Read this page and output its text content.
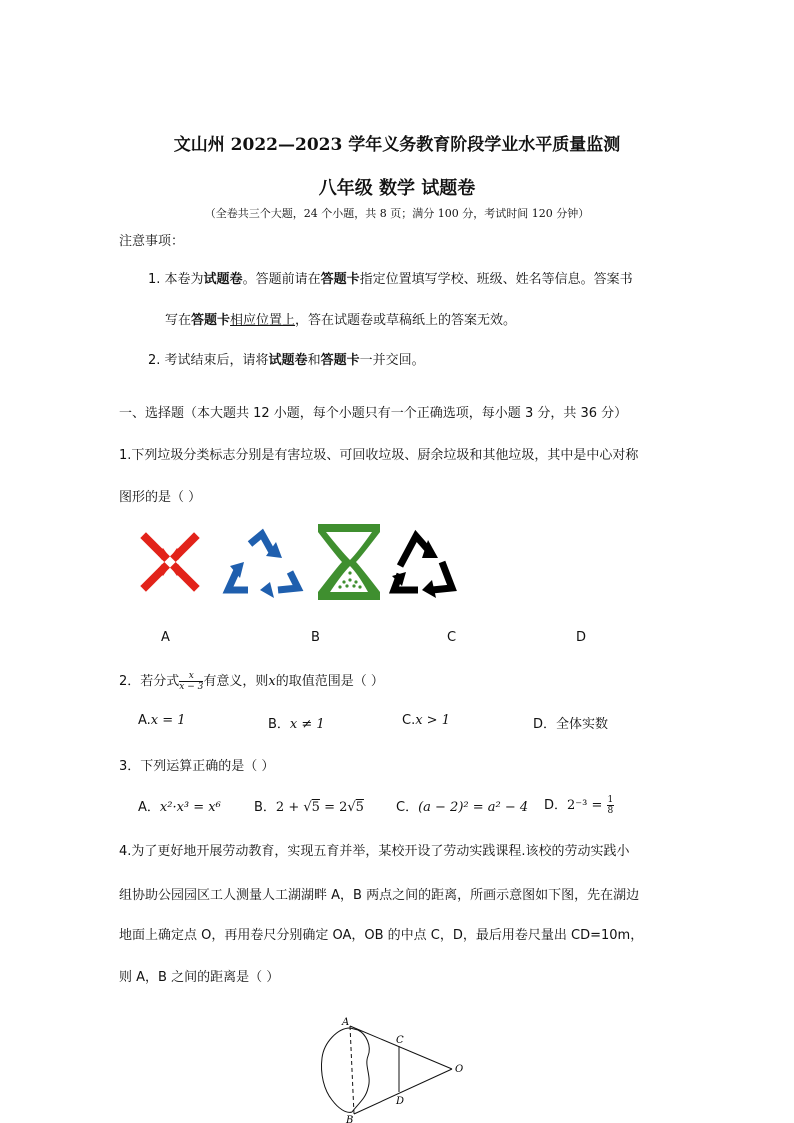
文山州 2022—2023 学年义务教育阶段学业水平质量监测
八年级 数学 试题卷
（全卷共三个大题，24 个小题，共 8 页；满分 100 分，考试时间 120 分钟）
注意事项：
1. 本卷为试题卷。答题前请在答题卡指定位置填写学校、班级、姓名等信息。答案书
写在答题卡相应位置上，答在试题卷或草稿纸上的答案无效。
2. 考试结束后，请将试题卷和答题卡一并交回。
一、选择题（本大题共 12 小题，每个小题只有一个正确选项，每小题 3 分，共 36 分）
1.下列垃圾分类标志分别是有害垃圾、可回收垃圾、厨余垃圾和其他垃圾，其中是中心对称
图形的是（ ）
A	B	C	D
2．若分式 $\frac{x}{x - 3}$ 有意义，则x的取值范围是（ ）
A.x = 1	B．x ≠ 1	C.x > 1	D．全体实数
3．下列运算正确的是（ ）
A．x²·x³ = x⁶	B．2 + √5 = 2√5 C．(a − 2)² = a² − 4 D．$2^{-3} = \frac{1}{8}$
4.为了更好地开展劳动教育，实现五育并举，某校开设了劳动实践课程.该校的劳动实践小
组协助公园园区工人测量人工湖湖畔 A，B 两点之间的距离，所画示意图如下图，先在湖边
地面上确定点 O，再用卷尺分别确定 OA，OB 的中点 C，D，最后用卷尺量出 CD=10m，
则 A，B 之间的距离是（ ）
A
B
C
D
O
